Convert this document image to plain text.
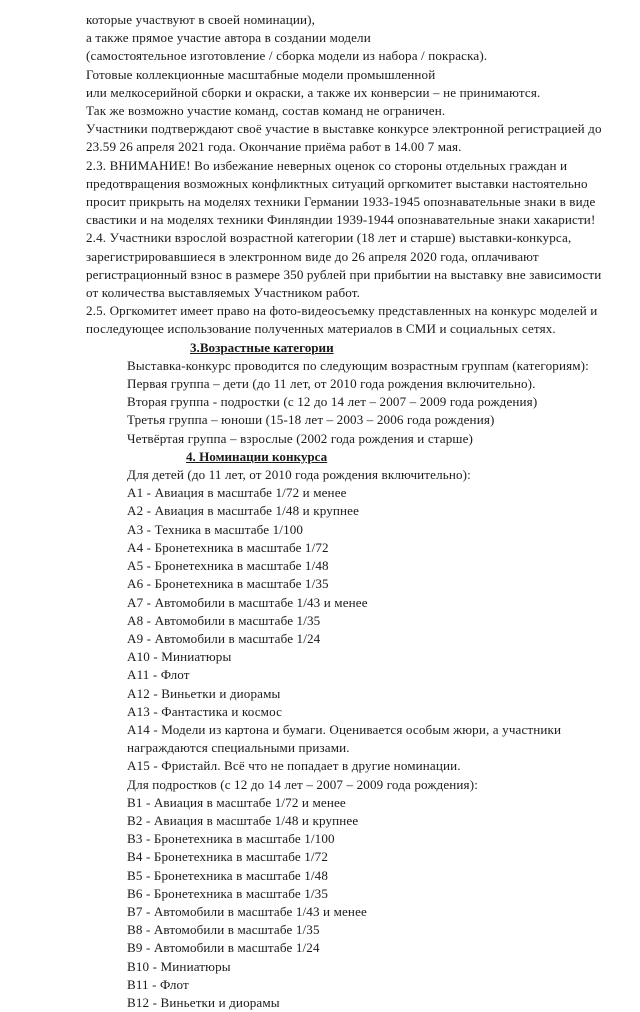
которые участвуют в своей номинации),
а также прямое участие автора в создании модели
(самостоятельное изготовление / сборка модели из набора / покраска).
Готовые коллекционные масштабные модели промышленной
или мелкосерийной сборки и окраски, а также их конверсии – не принимаются.
Так же возможно участие команд, состав команд не ограничен.
Участники подтверждают своё участие в выставке конкурсе электронной регистрацией до
23.59 26 апреля 2021 года. Окончание приёма работ в 14.00 7 мая.
2.3. ВНИМАНИЕ! Во избежание неверных оценок со стороны отдельных граждан и
предотвращения возможных конфликтных ситуаций оргкомитет выставки настоятельно
просит прикрыть на моделях техники Германии 1933-1945 опознавательные знаки в виде
свастики и на моделях техники Финляндии 1939-1944 опознавательные знаки хакаристи!
2.4. Участники взрослой возрастной категории (18 лет и старше) выставки-конкурса,
зарегистрировавшиеся в электронном виде до 26 апреля 2020 года, оплачивают
регистрационный взнос в размере 350 рублей при прибытии на выставку вне зависимости
от количества выставляемых Участником работ.
2.5. Оргкомитет имеет право на фото-видеосъемку представленных на конкурс моделей и
последующее использование полученных материалов в СМИ и социальных сетях.
3.Возрастные категории
Выставка-конкурс проводится по следующим возрастным группам (категориям):
Первая группа – дети (до 11 лет, от 2010 года рождения включительно).
Вторая группа - подростки (с 12 до 14 лет – 2007 – 2009 года рождения)
Третья группа – юноши (15-18 лет – 2003 – 2006 года рождения)
Четвёртая группа – взрослые (2002 года рождения и старше)
4. Номинации конкурса
Для детей (до 11 лет, от 2010 года рождения включительно):
А1 - Авиация в масштабе 1/72 и менее
А2 - Авиация в масштабе 1/48 и крупнее
А3 - Техника в масштабе 1/100
А4 - Бронетехника в масштабе 1/72
А5 - Бронетехника в масштабе 1/48
А6 - Бронетехника в масштабе 1/35
А7 - Автомобили в масштабе 1/43 и менее
А8 - Автомобили в масштабе 1/35
А9 - Автомобили в масштабе 1/24
А10 - Миниатюры
А11 - Флот
А12 - Виньетки и диорамы
А13 - Фантастика и космос
А14 - Модели из картона и бумаги. Оценивается особым жюри, а участники
награждаются специальными призами.
А15 - Фристайл. Всё что не попадает в другие номинации.
Для подростков (с 12 до 14 лет – 2007 – 2009 года рождения):
В1 - Авиация в масштабе 1/72 и менее
В2 - Авиация в масштабе 1/48 и крупнее
В3 - Бронетехника в масштабе 1/100
В4 - Бронетехника в масштабе 1/72
В5 - Бронетехника в масштабе 1/48
В6 - Бронетехника в масштабе 1/35
В7 - Автомобили в масштабе 1/43 и менее
В8 - Автомобили в масштабе 1/35
В9 - Автомобили в масштабе 1/24
В10 - Миниатюры
В11 - Флот
В12 - Виньетки и диорамы
